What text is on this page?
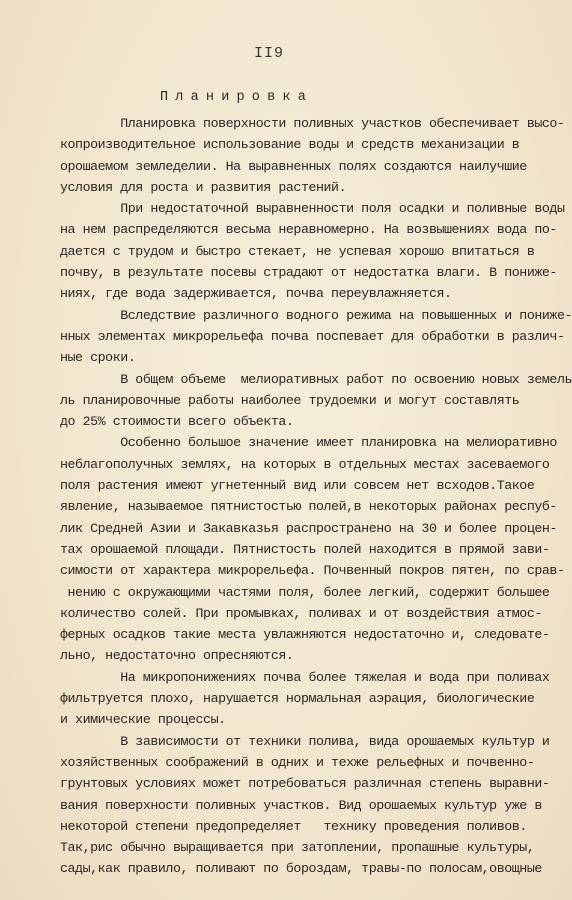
II9
Планировка
Планировка поверхности поливных участков обеспечивает высо-
копроизводительное использование воды и средств механизации в
орошаемом земледелии. На выравненных полях создаются наилучшие
условия для роста и развития растений.
При недостаточной выравненности поля осадки и поливные воды
на нем распределяются весьма неравномерно. На возвышениях вода по-
дается с трудом и быстро стекает, не успевая хорошо впитаться в
почву, в результате посевы страдают от недостатка влаги. В пониже-
ниях, где вода задерживается, почва переувлажняется.
Вследствие различного водного режима на повышенных и пониже-
нных элементах микрорельефа почва поспевает для обработки в различ-
ные сроки.
В общем объеме  мелиоративных работ по освоению новых земель
ль планировочные работы наиболее трудоемки и могут составлять
до 25% стоимости всего объекта.
Особенно большое значение имеет планировка на мелиоративно
неблагополучных землях, на которых в отдельных местах засеваемого
поля растения имеют угнетенный вид или совсем нет всходов.Такое
явление, называемое пятнистостью полей,в некоторых районах респуб-
лик Средней Азии и Закавказья распространено на 30 и более процен-
тах орошаемой площади. Пятнистость полей находится в прямой зави-
симости от характера микрорельефа. Почвенный покров пятен, по срав-
нению с окружающими частями поля, более легкий, содержит большее
количество солей. При промывках, поливах и от воздействия атмос-
ферных осадков такие места увлажняются недостаточно и, следовате-
льно, недостаточно опресняются.
На микропонижениях почва более тяжелая и вода при поливах
фильтруется плохо, нарушается нормальная аэрация, биологические
и химические процессы.
В зависимости от техники полива, вида орошаемых культур и
хозяйственных соображений в одних и техже рельефных и почвенно-
грунтовых условиях может потребоваться различная степень выравни-
вания поверхности поливных участков. Вид орошаемых культур уже в
некоторой степени предопределяет   технику проведения поливов.
Так,рис обычно выращивается при затоплении, пропашные культуры,
сады,как правило, поливают по бороздам, травы-по полосам,овощные
